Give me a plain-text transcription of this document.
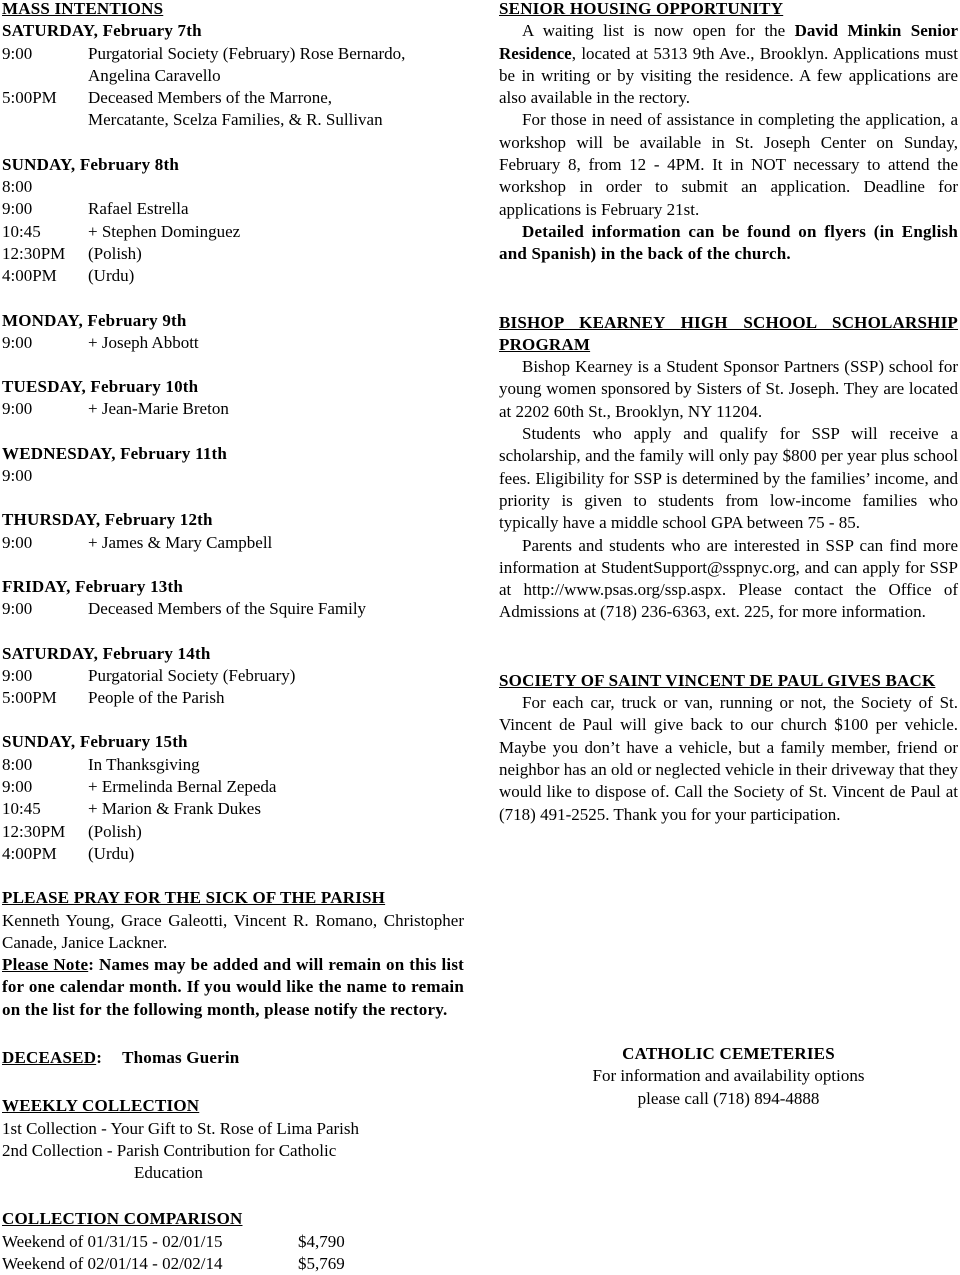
MASS INTENTIONS
SATURDAY, February 7th
9:00	Purgatorial Society (February) Rose Bernardo,
Angelina Caravello
5:00PM	Deceased Members of the Marrone,
Mercatante, Scelza Families, & R. Sullivan
SUNDAY, February 8th
8:00
9:00	Rafael Estrella
10:45	+ Stephen Dominguez
12:30PM	(Polish)
4:00PM	(Urdu)
MONDAY, February 9th
9:00	+ Joseph Abbott
TUESDAY, February 10th
9:00	+ Jean-Marie Breton
WEDNESDAY, February 11th
9:00
THURSDAY, February 12th
9:00	+ James & Mary Campbell
FRIDAY, February 13th
9:00	Deceased Members of the Squire Family
SATURDAY, February 14th
9:00	Purgatorial Society (February)
5:00PM	People of the Parish
SUNDAY, February 15th
8:00	In Thanksgiving
9:00	+ Ermelinda Bernal Zepeda
10:45	+ Marion & Frank Dukes
12:30PM	(Polish)
4:00PM	(Urdu)
PLEASE PRAY FOR THE SICK OF THE PARISH

Kenneth Young, Grace Galeotti, Vincent R. Romano, Christopher Canade, Janice Lackner.

Please Note: Names may be added and will remain on this list for one calendar month. If you would like the name to remain on the list for the following month, please notify the rectory.

DECEASED: Thomas Guerin
WEEKLY COLLECTION
1st Collection - Your Gift to St. Rose of Lima Parish
2nd Collection - Parish Contribution for Catholic
Education
COLLECTION COMPARISON
Weekend of 01/31/15 - 02/01/15	$4,790
Weekend of 02/01/14 - 02/02/14	$5,769
SENIOR HOUSING OPPORTUNITY

A waiting list is now open for the David Minkin Senior Residence, located at 5313 9th Ave., Brooklyn. Applications must be in writing or by visiting the residence. A few applications are also available in the rectory.

For those in need of assistance in completing the application, a workshop will be available in St. Joseph Center on Sunday, February 8, from 12 - 4PM. It in NOT necessary to attend the workshop in order to submit an application. Deadline for applications is February 21st.

Detailed information can be found on flyers (in English and Spanish) in the back of the church.

BISHOP KEARNEY HIGH SCHOOL SCHOLARSHIP PROGRAM

Bishop Kearney is a Student Sponsor Partners (SSP) school for young women sponsored by Sisters of St. Joseph. They are located at 2202 60th St., Brooklyn, NY 11204.

Students who apply and qualify for SSP will receive a scholarship, and the family will only pay $800 per year plus school fees. Eligibility for SSP is determined by the families’ income, and priority is given to students from low-income families who typically have a middle school GPA between 75 - 85.

Parents and students who are interested in SSP can find more information at StudentSupport@sspnyc.org, and can apply for SSP at http://www.psas.org/ssp.aspx. Please contact the Office of Admissions at (718) 236-6363, ext. 225, for more information.

SOCIETY OF SAINT VINCENT DE PAUL GIVES BACK

For each car, truck or van, running or not, the Society of St. Vincent de Paul will give back to our church $100 per vehicle. Maybe you don’t have a vehicle, but a family member, friend or neighbor has an old or neglected vehicle in their driveway that they would like to dispose of. Call the Society of St. Vincent de Paul at (718) 491-2525. Thank you for your participation.

CATHOLIC CEMETERIES
For information and availability options
please call (718) 894-4888
